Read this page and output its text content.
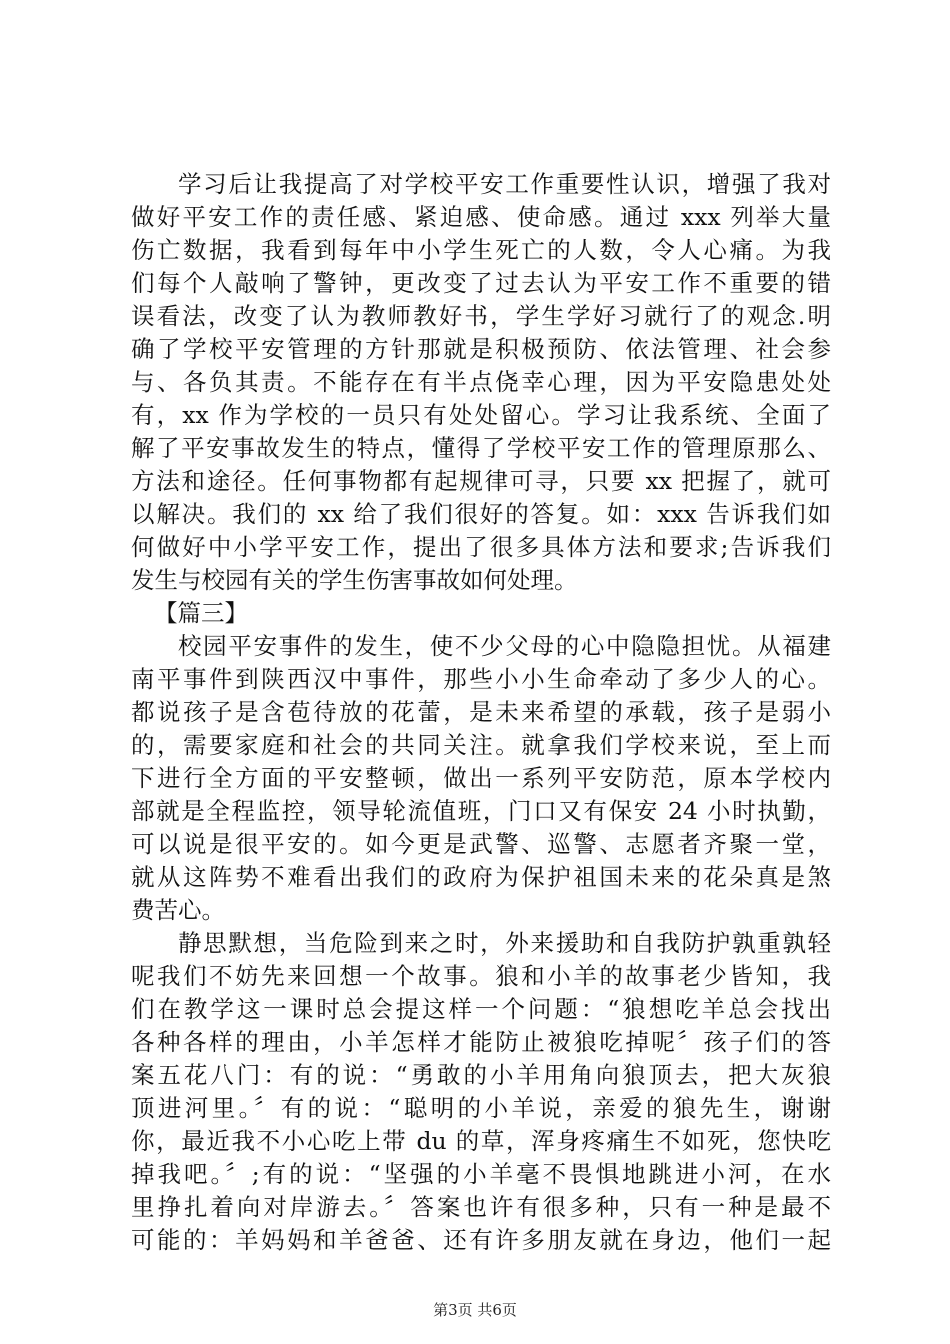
学习后让我提高了对学校平安工作重要性认识，增强了我对
做好平安工作的责任感、紧迫感、使命感。通过 xxx 列举大量
伤亡数据，我看到每年中小学生死亡的人数，令人心痛。为我
们每个人敲响了警钟，更改变了过去认为平安工作不重要的错
误看法，改变了认为教师教好书，学生学好习就行了的观念.明
确了学校平安管理的方针那就是积极预防、依法管理、社会参
与、各负其责。不能存在有半点侥幸心理，因为平安隐患处处
有，xx 作为学校的一员只有处处留心。学习让我系统、全面了
解了平安事故发生的特点，懂得了学校平安工作的管理原那么、
方法和途径。任何事物都有起规律可寻，只要 xx 把握了，就可
以解决。我们的 xx 给了我们很好的答复。如：xxx 告诉我们如
何做好中小学平安工作，提出了很多具体方法和要求;告诉我们
发生与校园有关的学生伤害事故如何处理。
【篇三】
校园平安事件的发生，使不少父母的心中隐隐担忧。从福建
南平事件到陕西汉中事件，那些小小生命牵动了多少人的心。
都说孩子是含苞待放的花蕾，是未来希望的承载，孩子是弱小
的，需要家庭和社会的共同关注。就拿我们学校来说，至上而
下进行全方面的平安整顿，做出一系列平安防范，原本学校内
部就是全程监控，领导轮流值班，门口又有保安 24 小时执勤，
可以说是很平安的。如今更是武警、巡警、志愿者齐聚一堂，
就从这阵势不难看出我们的政府为保护祖国未来的花朵真是煞
费苦心。
静思默想，当危险到来之时，外来援助和自我防护孰重孰轻
呢我们不妨先来回想一个故事。狼和小羊的故事老少皆知，我
们在教学这一课时总会提这样一个问题：“狼想吃羊总会找出
各种各样的理由，小羊怎样才能防止被狼吃掉呢〞孩子们的答
案五花八门：有的说：“勇敢的小羊用角向狼顶去，把大灰狼
顶进河里。〞有的说：“聪明的小羊说，亲爱的狼先生，谢谢
你，最近我不小心吃上带 du 的草，浑身疼痛生不如死，您快吃
掉我吧。〞;有的说：“坚强的小羊毫不畏惧地跳进小河，在水
里挣扎着向对岸游去。〞答案也许有很多种，只有一种是最不
可能的：羊妈妈和羊爸爸、还有许多朋友就在身边，他们一起
第3页 共6页
